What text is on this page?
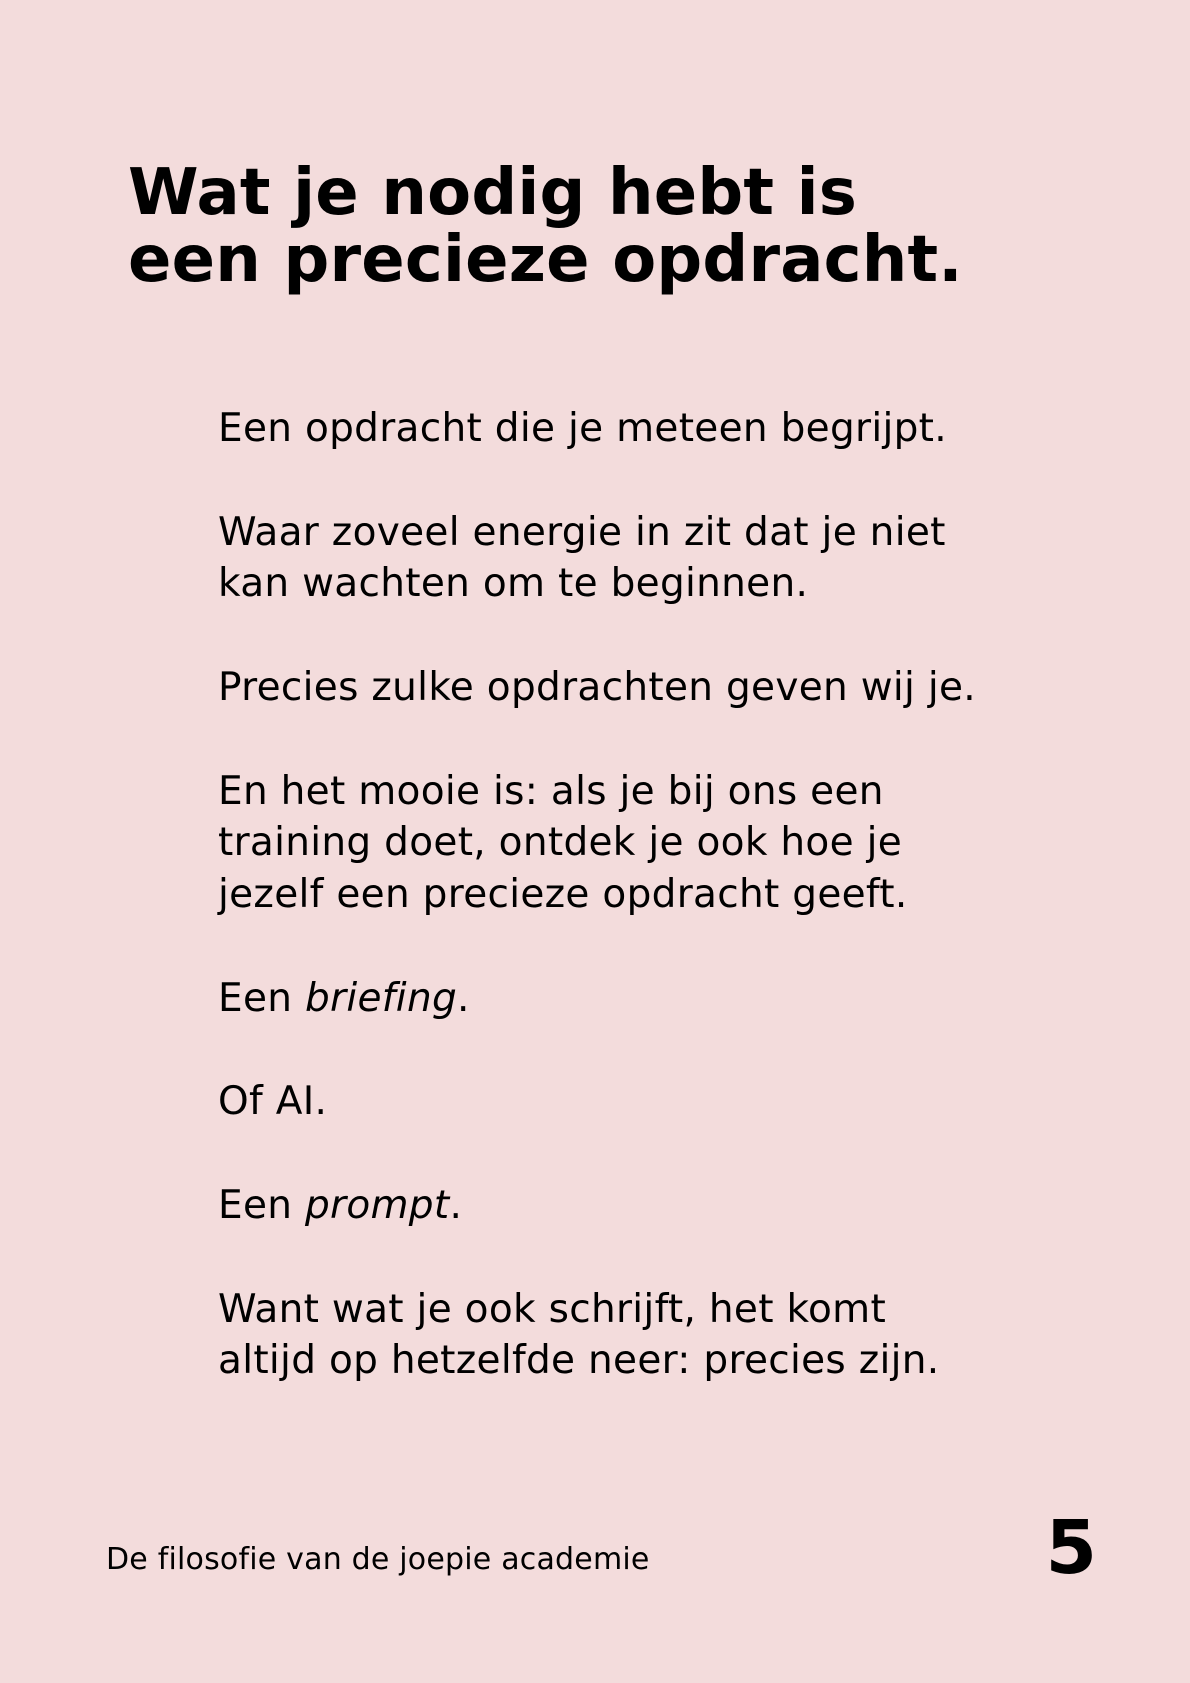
Wat je nodig hebt is
een precieze opdracht.

Een opdracht die je meteen begrijpt.

Waar zoveel energie in zit dat je niet
kan wachten om te beginnen.

Precies zulke opdrachten geven wij je.

En het mooie is: als je bij ons een
training doet, ontdek je ook hoe je
jezelf een precieze opdracht geeft.

Een briefing.

Of AI.

Een prompt.

Want wat je ook schrijft, het komt
altijd op hetzelfde neer: precies zijn.

De filosofie van de joepie academie	5
